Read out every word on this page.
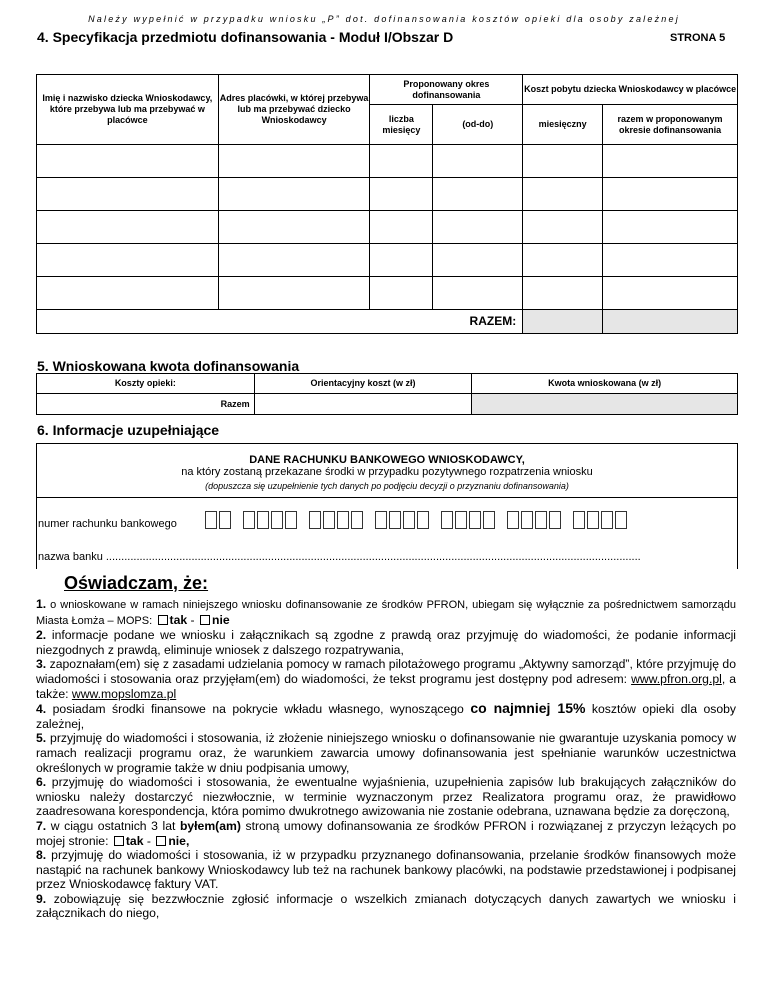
Należy wypełnić w przypadku wniosku „P” dot. dofinansowania kosztów opieki dla osoby zależnej
4. Specyfikacja przedmiotu dofinansowania - Moduł I/Obszar D	STRONA 5
Imię i nazwisko dziecka Wnioskodawcy, które przebywa lub ma przebywać w placówce	Adres placówki, w której przebywa lub ma przebywać dziecko Wnioskodawcy	Proponowany okres dofinansowania		Koszt pobytu dziecka Wnioskodawcy w placówce	
		liczba miesięcy	(od-do)	miesięczny	razem w proponowanym okresie dofinansowania

RAZEM:					
5. Wnioskowana kwota dofinansowania
Koszty opieki:	Orientacyjny koszt (w zł)	Kwota wnioskowana (w zł)
Razem		
6. Informacje uzupełniające
DANE RACHUNKU BANKOWEGO WNIOSKODAWCY,
na który zostaną przekazane środki w przypadku pozytywnego rozpatrzenia wniosku
(dopuszcza się uzupełnienie tych danych po podjęciu decyzji o przyznaniu dofinansowania)
numer rachunku bankowego
nazwa banku ...............................................................................................................................................................................
Oświadczam, że:
1. o wnioskowane w ramach niniejszego wniosku dofinansowanie ze środków PFRON, ubiegam się wyłącznie za pośrednictwem samorządu Miasta Łomża – MOPS: tak - nie
2. informacje podane we wniosku i załącznikach są zgodne z prawdą oraz przyjmuję do wiadomości, że podanie informacji niezgodnych z prawdą, eliminuje wniosek z dalszego rozpatrywania,
3. zapoznałam(em) się z zasadami udzielania pomocy w ramach pilotażowego programu „Aktywny samorząd”, które przyjmuję do wiadomości i stosowania oraz przyjęłam(em) do wiadomości, że tekst programu jest dostępny pod adresem: www.pfron.org.pl, a także: www.mopslomza.pl
4. posiadam środki finansowe na pokrycie wkładu własnego, wynoszącego co najmniej 15% kosztów opieki dla osoby zależnej,
5. przyjmuję do wiadomości i stosowania, iż złożenie niniejszego wniosku o dofinansowanie nie gwarantuje uzyskania pomocy w ramach realizacji programu oraz, że warunkiem zawarcia umowy dofinansowania jest spełnianie warunków uczestnictwa określonych w programie także w dniu podpisania umowy,
6. przyjmuję do wiadomości i stosowania, że ewentualne wyjaśnienia, uzupełnienia zapisów lub brakujących załączników do wniosku należy dostarczyć niezwłocznie, w terminie wyznaczonym przez Realizatora programu oraz, że prawidłowo zaadresowana korespondencja, która pomimo dwukrotnego awizowania nie zostanie odebrana, uznawana będzie za doręczoną,
7. w ciągu ostatnich 3 lat byłem(am) stroną umowy dofinansowania ze środków PFRON i rozwiązanej z przyczyn leżących po mojej stronie: tak - nie,
8. przyjmuję do wiadomości i stosowania, iż w przypadku przyznanego dofinansowania, przelanie środków finansowych może nastąpić na rachunek bankowy Wnioskodawcy lub też na rachunek bankowy placówki, na podstawie przedstawionej i podpisanej przez Wnioskodawcę faktury VAT.
9. zobowiązuję się bezzwłocznie zgłosić informacje o wszelkich zmianach dotyczących danych zawartych we wniosku i załącznikach do niego,
